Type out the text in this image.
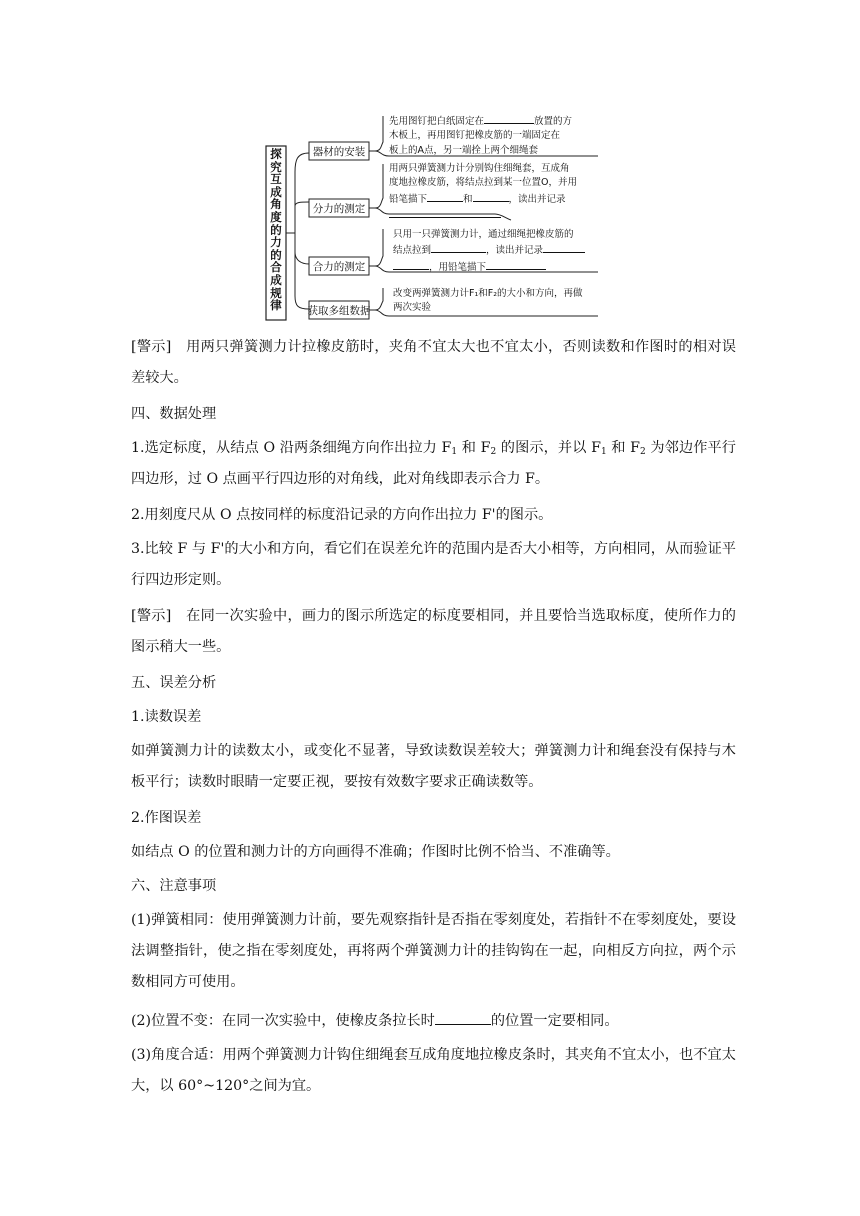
探究互成角度的力的合成规律
器材的安装
分力的测定
合力的测定
获取多组数据
先用图钉把白纸固定在	放置的方
木板上，再用图钉把橡皮筋的一端固定在
板上的A点，另一端拴上两个细绳套
用两只弹簧测力计分别钩住细绳套，互成角
度地拉橡皮筋，将结点拉到某一位置O，并用
铅笔描下	和	，读出并记录
只用一只弹簧测力计，通过细绳把橡皮筋的
结点拉到	，读出并记录
，用铅笔描下
改变两弹簧测力计F₁和F₂的大小和方向，再做
两次实验

[警示]　用两只弹簧测力计拉橡皮筋时，夹角不宜太大也不宜太小，否则读数和作图时的相对误差较大。

四、数据处理

1.选定标度，从结点 O 沿两条细绳方向作出拉力 $F_1$ 和 $F_2$ 的图示，并以 $F_1$ 和 $F_2$ 为邻边作平行四边形，过 O 点画平行四边形的对角线，此对角线即表示合力 F。

2.用刻度尺从 O 点按同样的标度沿记录的方向作出拉力 F'的图示。

3.比较 F 与 F'的大小和方向，看它们在误差允许的范围内是否大小相等，方向相同，从而验证平行四边形定则。

[警示]　在同一次实验中，画力的图示所选定的标度要相同，并且要恰当选取标度，使所作力的图示稍大一些。

五、误差分析

1.读数误差

如弹簧测力计的读数太小，或变化不显著，导致读数误差较大；弹簧测力计和绳套没有保持与木板平行；读数时眼睛一定要正视，要按有效数字要求正确读数等。

2.作图误差

如结点 O 的位置和测力计的方向画得不准确；作图时比例不恰当、不准确等。

六、注意事项

(1)弹簧相同：使用弹簧测力计前，要先观察指针是否指在零刻度处，若指针不在零刻度处，要设法调整指针，使之指在零刻度处，再将两个弹簧测力计的挂钩钩在一起，向相反方向拉，两个示数相同方可使用。

(2)位置不变：在同一次实验中，使橡皮条拉长时	的位置一定要相同。

(3)角度合适：用两个弹簧测力计钩住细绳套互成角度地拉橡皮条时，其夹角不宜太小，也不宜太大，以 60°~120°之间为宜。
